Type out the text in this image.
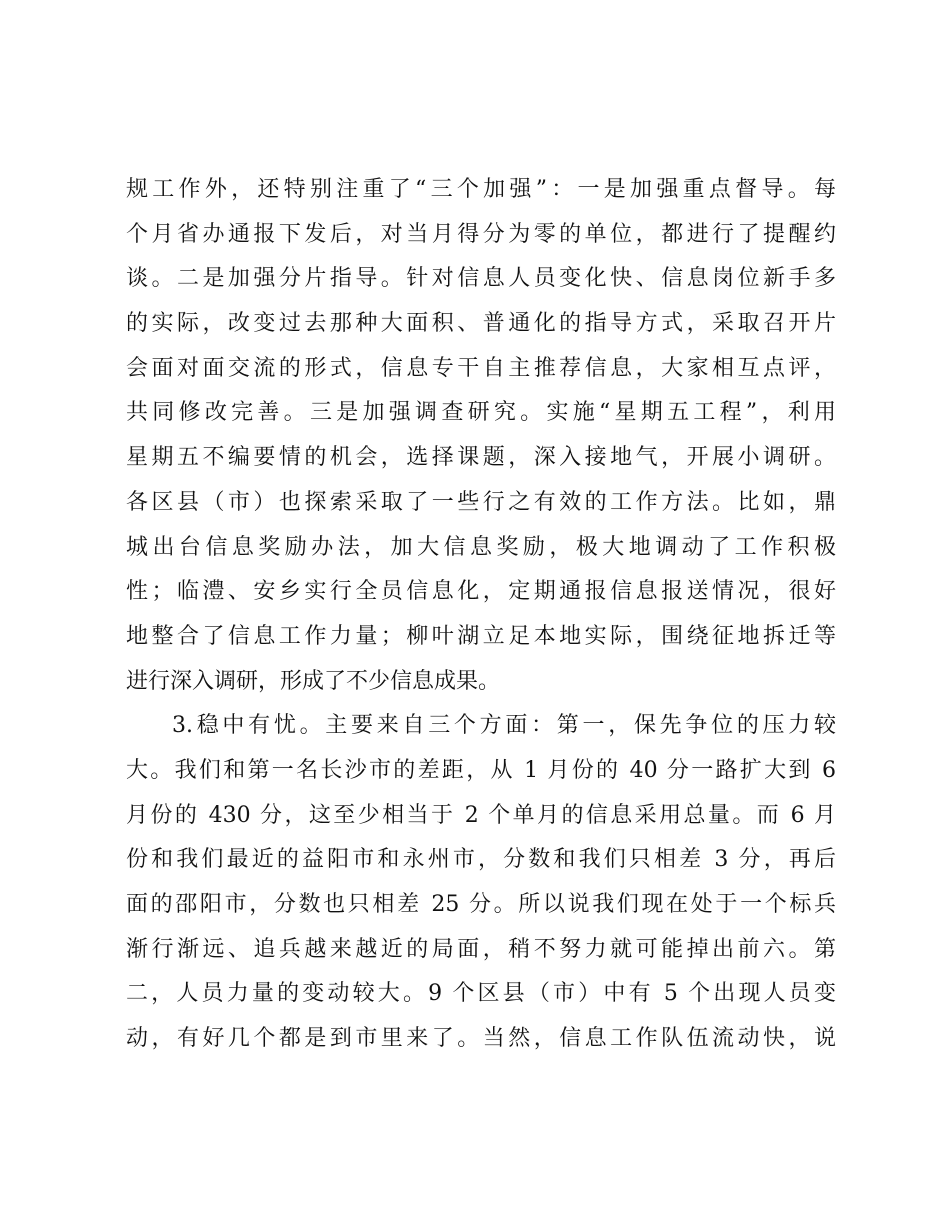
规工作外，还特别注重了“三个加强”：一是加强重点督导。每
个月省办通报下发后，对当月得分为零的单位，都进行了提醒约
谈。二是加强分片指导。针对信息人员变化快、信息岗位新手多
的实际，改变过去那种大面积、普通化的指导方式，采取召开片
会面对面交流的形式，信息专干自主推荐信息，大家相互点评，
共同修改完善。三是加强调查研究。实施“星期五工程”，利用
星期五不编要情的机会，选择课题，深入接地气，开展小调研。
各区县（市）也探索采取了一些行之有效的工作方法。比如，鼎
城出台信息奖励办法，加大信息奖励，极大地调动了工作积极
性；临澧、安乡实行全员信息化，定期通报信息报送情况，很好
地整合了信息工作力量；柳叶湖立足本地实际，围绕征地拆迁等
进行深入调研，形成了不少信息成果。
3.稳中有忧。主要来自三个方面：第一，保先争位的压力较
大。我们和第一名长沙市的差距，从 1 月份的 40 分一路扩大到 6
月份的 430 分，这至少相当于 2 个单月的信息采用总量。而 6 月
份和我们最近的益阳市和永州市，分数和我们只相差 3 分，再后
面的邵阳市，分数也只相差 25 分。所以说我们现在处于一个标兵
渐行渐远、追兵越来越近的局面，稍不努力就可能掉出前六。第
二，人员力量的变动较大。9 个区县（市）中有 5 个出现人员变
动，有好几个都是到市里来了。当然，信息工作队伍流动快，说
